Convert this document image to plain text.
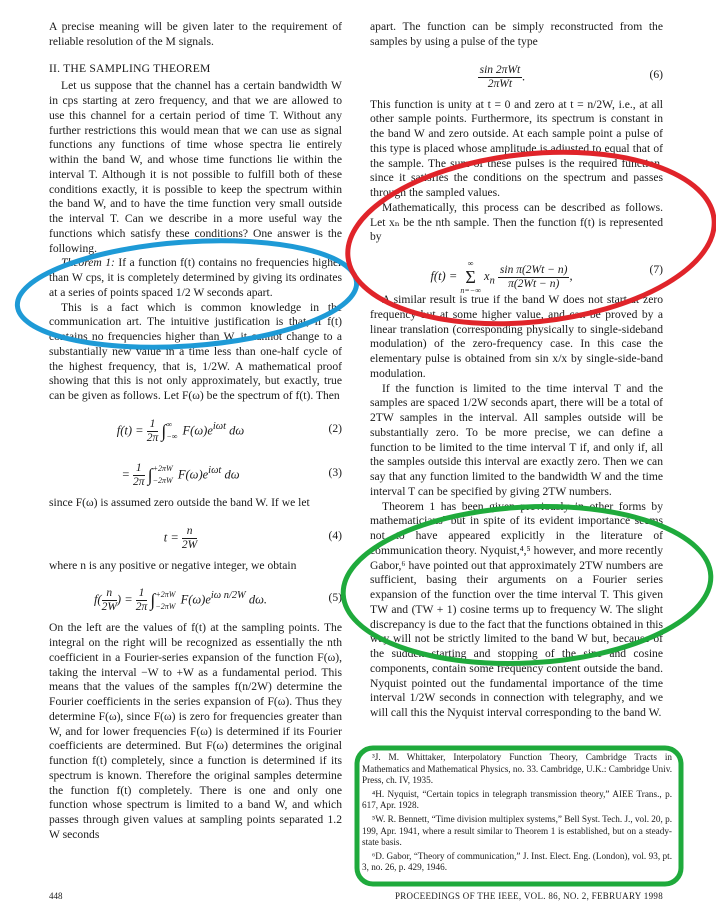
A precise meaning will be given later to the requirement of reliable resolution of the M signals.

II. THE SAMPLING THEOREM

Let us suppose that the channel has a certain bandwidth W in cps starting at zero frequency, and that we are allowed to use this channel for a certain period of time T. Without any further restrictions this would mean that we can use as signal functions any functions of time whose spectra lie entirely within the band W, and whose time functions lie within the interval T. Although it is not possible to fulfill both of these conditions exactly, it is possible to keep the spectrum within the band W, and to have the time function very small outside the interval T. Can we describe in a more useful way the functions which satisfy these conditions? One answer is the following.

Theorem 1: If a function f(t) contains no frequencies higher than W cps, it is completely determined by giving its ordinates at a series of points spaced 1/2 W seconds apart.

This is a fact which is common knowledge in the communication art. The intuitive justification is that, if f(t) contains no frequencies higher than W, it cannot change to a substantially new value in a time less than one-half cycle of the highest frequency, that is, 1/2W. A mathematical proof showing that this is not only approximately, but exactly, true can be given as follows. Let F(ω) be the spectrum of f(t). Then

$f(t) = \frac{1}{2\pi}$ ∫ ∞
−∞ $F(\omega)e^{i\omega t}$ dω	(2)
= $\frac{1}{2\pi}$ ∫ +2πW
−2πW $F(\omega)e^{i\omega t}$ dω	(3)

since F(ω) is assumed zero outside the band W. If we let

$t = \frac{n}{2W}$	(4)

where n is any positive or negative integer, we obtain

$f( \frac{n}{2W}$ ) = $\frac{1}{2\pi}$ ∫ +2πW
−2πW $F(\omega)e^{i\omega n/2W}$ dω.	(5)

On the left are the values of f(t) at the sampling points. The integral on the right will be recognized as essentially the nth coefficient in a Fourier-series expansion of the function F(ω), taking the interval −W to +W as a fundamental period. This means that the values of the samples f(n/2W) determine the Fourier coefficients in the series expansion of F(ω). Thus they determine F(ω), since F(ω) is zero for frequencies greater than W, and for lower frequencies F(ω) is determined if its Fourier coefficients are determined. But F(ω) determines the original function f(t) completely, since a function is determined if its spectrum is known. Therefore the original samples determine the function f(t) completely. There is one and only one function whose spectrum is limited to a band W, and which passes through given values at sampling points separated 1.2 W seconds

apart. The function can be simply reconstructed from the samples by using a pulse of the type

$\frac{\text{sin 2πWt}}{\text{2πWt}}$ .	(6)

This function is unity at t = 0 and zero at t = n/2W, i.e., at all other sample points. Furthermore, its spectrum is constant in the band W and zero outside. At each sample point a pulse of this type is placed whose amplitude is adjusted to equal that of the sample. The sum of these pulses is the required function, since it satisfies the conditions on the spectrum and passes through the sampled values.

Mathematically, this process can be described as follows. Let xₙ be the nth sample. Then the function f(t) is represented by

f(t) = ∞
Σ
n=−∞ $x_n \frac{\text{sin π(2Wt − n)}}{\pi(2Wt - n)}$ ,	(7)

A similar result is true if the band W does not start at zero frequency but at some higher value, and can be proved by a linear translation (corresponding physically to single-sideband modulation) of the zero-frequency case. In this case the elementary pulse is obtained from sin x/x by single-side-band modulation.

If the function is limited to the time interval T and the samples are spaced 1/2W seconds apart, there will be a total of 2TW samples in the interval. All samples outside will be substantially zero. To be more precise, we can define a function to be limited to the time interval T if, and only if, all the samples outside this interval are exactly zero. Then we can say that any function limited to the bandwidth W and the time interval T can be specified by giving 2TW numbers.

Theorem 1 has been given previously in other forms by mathematicians³ but in spite of its evident importance seems not to have appeared explicitly in the literature of communication theory. Nyquist,⁴,⁵ however, and more recently Gabor,⁶ have pointed out that approximately 2TW numbers are sufficient, basing their arguments on a Fourier series expansion of the function over the time interval T. This given TW and (TW + 1) cosine terms up to frequency W. The slight discrepancy is due to the fact that the functions obtained in this way will not be strictly limited to the band W but, because of the sudden starting and stopping of the sine and cosine components, contain some frequency content outside the band. Nyquist pointed out the fundamental importance of the time interval 1/2W seconds in connection with telegraphy, and we will call this the Nyquist interval corresponding to the band W.

³J. M. Whittaker, Interpolatory Function Theory, Cambridge Tracts in Mathematics and Mathematical Physics, no. 33. Cambridge, U.K.: Cambridge Univ. Press, ch. IV, 1935.
⁴H. Nyquist, “Certain topics in telegraph transmission theory,” AIEE Trans., p. 617, Apr. 1928.
⁵W. R. Bennett, “Time division multiplex systems,” Bell Syst. Tech. J., vol. 20, p. 199, Apr. 1941, where a result similar to Theorem 1 is established, but on a steady-state basis.
⁶D. Gabor, “Theory of communication,” J. Inst. Elect. Eng. (London), vol. 93, pt. 3, no. 26, p. 429, 1946.
448	PROCEEDINGS OF THE IEEE, VOL. 86, NO. 2, FEBRUARY 1998
